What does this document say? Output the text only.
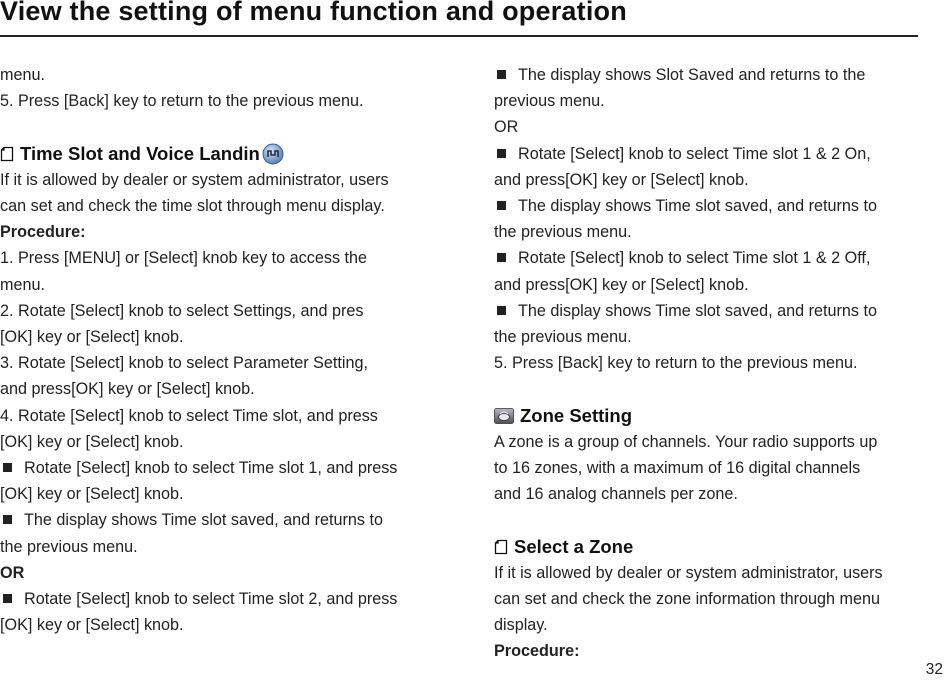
View the setting of menu function and operation
menu.
5. Press [Back] key to return to the previous menu.
Time Slot and Voice Landin
If it is allowed by dealer or system administrator, users
can set and check the time slot through menu display.
Procedure:
1. Press [MENU] or [Select] knob key to access the
menu.
2. Rotate [Select] knob to select Settings, and pres
[OK] key or [Select] knob.
3. Rotate [Select] knob to select Parameter Setting,
and press[OK] key or [Select] knob.
4. Rotate [Select] knob to select Time slot, and press
[OK] key or [Select] knob.
Rotate [Select] knob to select Time slot 1, and press
[OK] key or [Select] knob.
The display shows Time slot saved, and returns to
the previous menu.
OR
Rotate [Select] knob to select Time slot 2, and press
[OK] key or [Select] knob.
The display shows Slot Saved and returns to the
previous menu.
OR
Rotate [Select] knob to select Time slot 1 & 2 On,
and press[OK] key or [Select] knob.
The display shows Time slot saved, and returns to
the previous menu.
Rotate [Select] knob to select Time slot 1 & 2 Off,
and press[OK] key or [Select] knob.
The display shows Time slot saved, and returns to
the previous menu.
5. Press [Back] key to return to the previous menu.
Zone Setting
A zone is a group of channels. Your radio supports up
to 16 zones, with a maximum of 16 digital channels
and 16 analog channels per zone.
Select a Zone
If it is allowed by dealer or system administrator, users
can set and check the zone information through menu
display.
Procedure:
32
